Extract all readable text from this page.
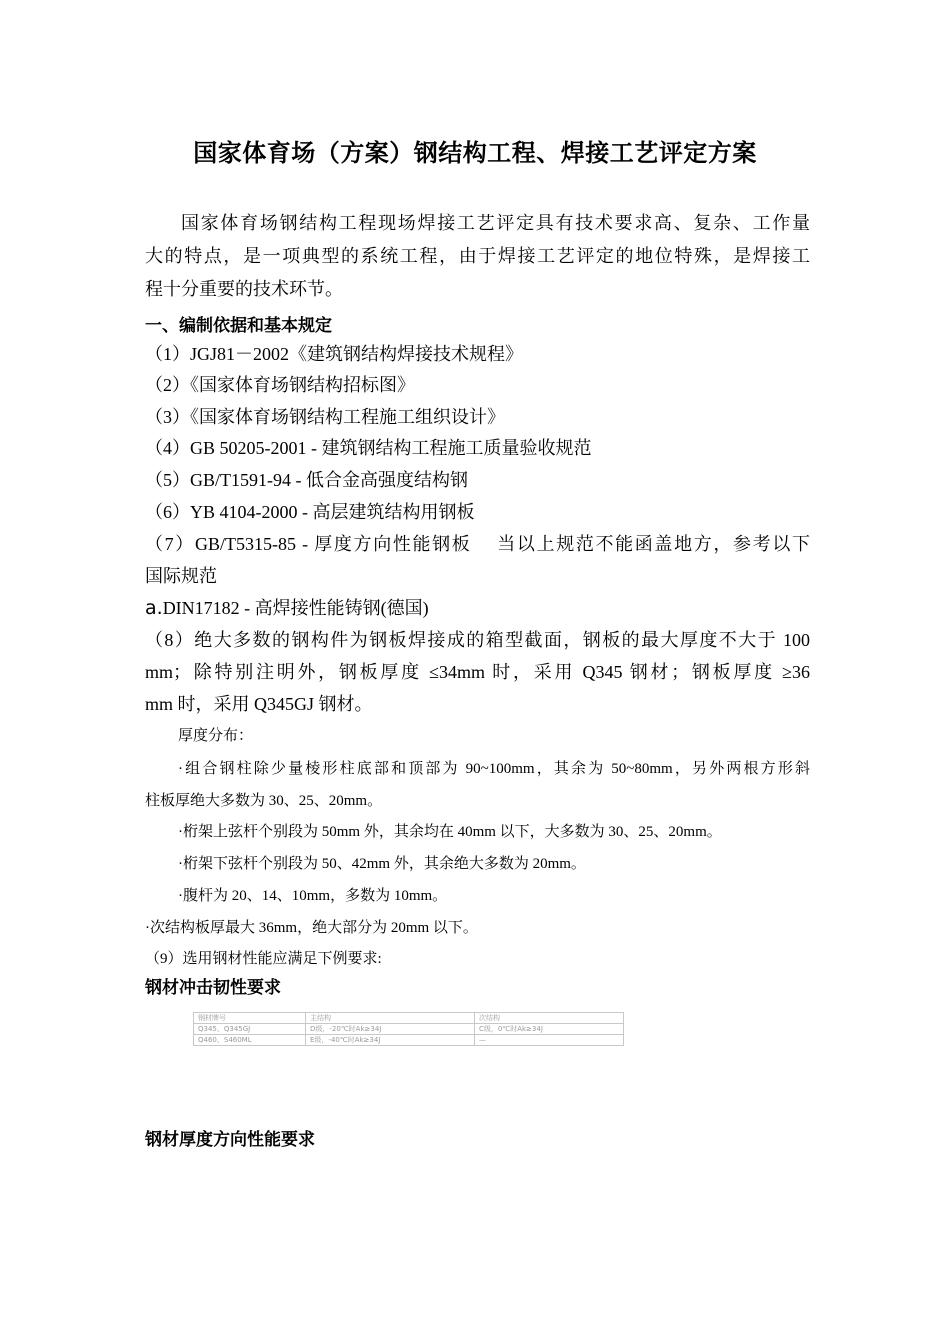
国家体育场（方案）钢结构工程、焊接工艺评定方案
国家体育场钢结构工程现场焊接工艺评定具有技术要求高、复杂、工作量
大的特点，是一项典型的系统工程，由于焊接工艺评定的地位特殊，是焊接工
程十分重要的技术环节。
一、编制依据和基本规定
（1）JGJ81－2002《建筑钢结构焊接技术规程》
（2）《国家体育场钢结构招标图》
（3）《国家体育场钢结构工程施工组织设计》
（4）GB 50205-2001 - 建筑钢结构工程施工质量验收规范
（5）GB/T1591-94 - 低合金高强度结构钢
（6）YB 4104-2000 - 高层建筑结构用钢板
（7）GB/T5315-85 - 厚度方向性能钢板　 当以上规范不能函盖地方，参考以下
国际规范
a.DIN17182 - 高焊接性能铸钢(德国)
（8）绝大多数的钢构件为钢板焊接成的箱型截面，钢板的最大厚度不大于 100
mm；除特别注明外，钢板厚度 ≤34mm 时，采用 Q345 钢材；钢板厚度 ≥36
mm 时，采用 Q345GJ 钢材。
厚度分布：
·组合钢柱除少量棱形柱底部和顶部为 90~100mm，其余为 50~80mm，另外两根方形斜
柱板厚绝大多数为 30、25、20mm。
·桁架上弦杆个别段为 50mm 外，其余均在 40mm 以下，大多数为 30、25、20mm。
·桁架下弦杆个别段为 50、42mm 外，其余绝大多数为 20mm。
·腹杆为 20、14、10mm，多数为 10mm。
·次结构板厚最大 36mm，绝大部分为 20mm 以下。
（9）选用钢材性能应满足下例要求:
钢材冲击韧性要求
钢材牌号	主结构	次结构
Q345、Q345GJ	D级，-20℃时Ak≥34J	C级，0℃时Ak≥34J
Q460、S460ML	E级，-40℃时Ak≥34J	—
钢材厚度方向性能要求
